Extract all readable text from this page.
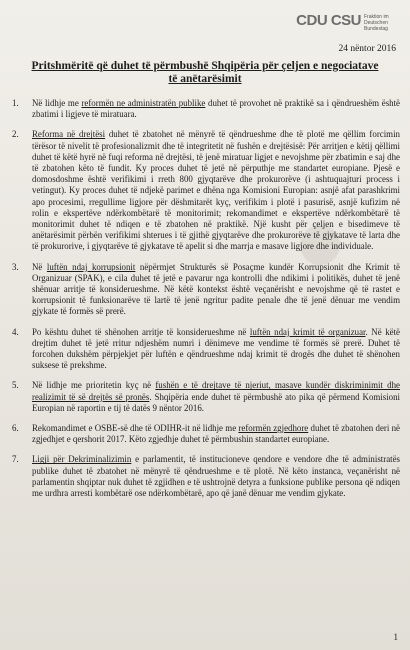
CDU CSU Fraktion im Deutschen Bundestag
24 nëntor 2016
Pritshmëritë që duhet të përmbushë Shqipëria për çeljen e negociatave të anëtarësimit
1.	Në lidhje me reformën ne administratën publike duhet të provohet në praktikë sa i qëndrueshëm është zbatimi i ligjeve të miratuara.
2.	Reforma në drejtësi duhet të zbatohet në mënyrë të qëndrueshme dhe të plotë me qëllim forcimin tërësor të nivelit të profesionalizmit dhe të integritetit në fushën e drejtësisë: Për arritjen e këtij qëllimi duhet të këtë hyrë në fuqi reforma në drejtësi, të jenë miratuar ligjet e nevojshme për zbatimin e saj dhe të zbatohen këto të fundit. Ky proces duhet të jetë në përputhje me standartet europiane. Pjesë e domosdoshme është verifikimi i rreth 800 gjyqtarëve dhe prokurorëve (i ashtuquajturi process i vetingut). Ky proces duhet të ndjekë parimet e dhëna nga Komisioni Europian: asnjë afat parashkrimi apo procesimi, rregullime ligjore për dëshmitarët kyç, verifikim i plotë i pasurisë, asnjë kufizim në rolin e ekspertëve ndërkombëtarë të monitorimit; rekomandimet e ekspertëve ndërkombëtarë të monitorimit duhet të ndiqen e të zbatohen në praktikë. Një kusht për çeljen e bisedimeve të anëtarësimit përbën verifikimi shterues i të gjithë gjyqtarëve dhe prokurorëve të gjykatave të larta dhe të prokurorive, i gjyqtarëve të gjykatave të apelit si dhe marrja e masave ligjore dhe individuale.
3.	Në luftën ndaj korrupsionit nëpërmjet Strukturës së Posaçme kundër Korrupsionit dhe Krimit të Organizuar (SPAK), e cila duhet të jetë e pavarur nga kontrolli dhe ndikimi i politikës, duhet të jenë shënuar arritje të konsiderueshme. Në këtë kontekst është veçanërisht e nevojshme që të rastet e korrupsionit të funksionarëve të lartë të jenë ngritur padite penale dhe të jenë dënuar me vendim gjykate të formës së prerë.
4.	Po kështu duhet të shënohen arritje të konsiderueshme në luftën ndaj krimit të organizuar. Në këtë drejtim duhet të jetë rritur ndjeshëm numri i dënimeve me vendime të formës së prerë. Duhet të forcohen dukshëm përpjekjet për luftën e qëndrueshme ndaj krimit të drogës dhe duhet të shënohen suksese të prekshme.
5.	Në lidhje me prioritetin kyç në fushën e të drejtave të njeriut, masave kundër diskriminimit dhe realizimit të së drejtës së pronës. Shqipëria ende duhet të përmbushë ato pika që përmend Komisioni Europian në raportin e tij të datës 9 nëntor 2016.
6.	Rekomandimet e OSBE-së dhe të ODIHR-it në lidhje me reformën zgjedhore duhet të zbatohen deri në zgjedhjet e qershorit 2017. Këto zgjedhje duhet të përmbushin standartet europiane.
7.	Ligji për Dekriminalizimin e parlamentit, të institucioneve qendore e vendore dhe të administratës publike duhet të zbatohet në mënyrë të qëndrueshme e të plotë. Në këto instanca, veçanërisht në parlamentin shqiptar nuk duhet të zgjidhen e të ushtrojnë detyra a funksione publike persona që ndiqen me urdhra arresti kombëtarë ose ndërkombëtarë, apo që janë dënuar me vendim gjykate.
1
